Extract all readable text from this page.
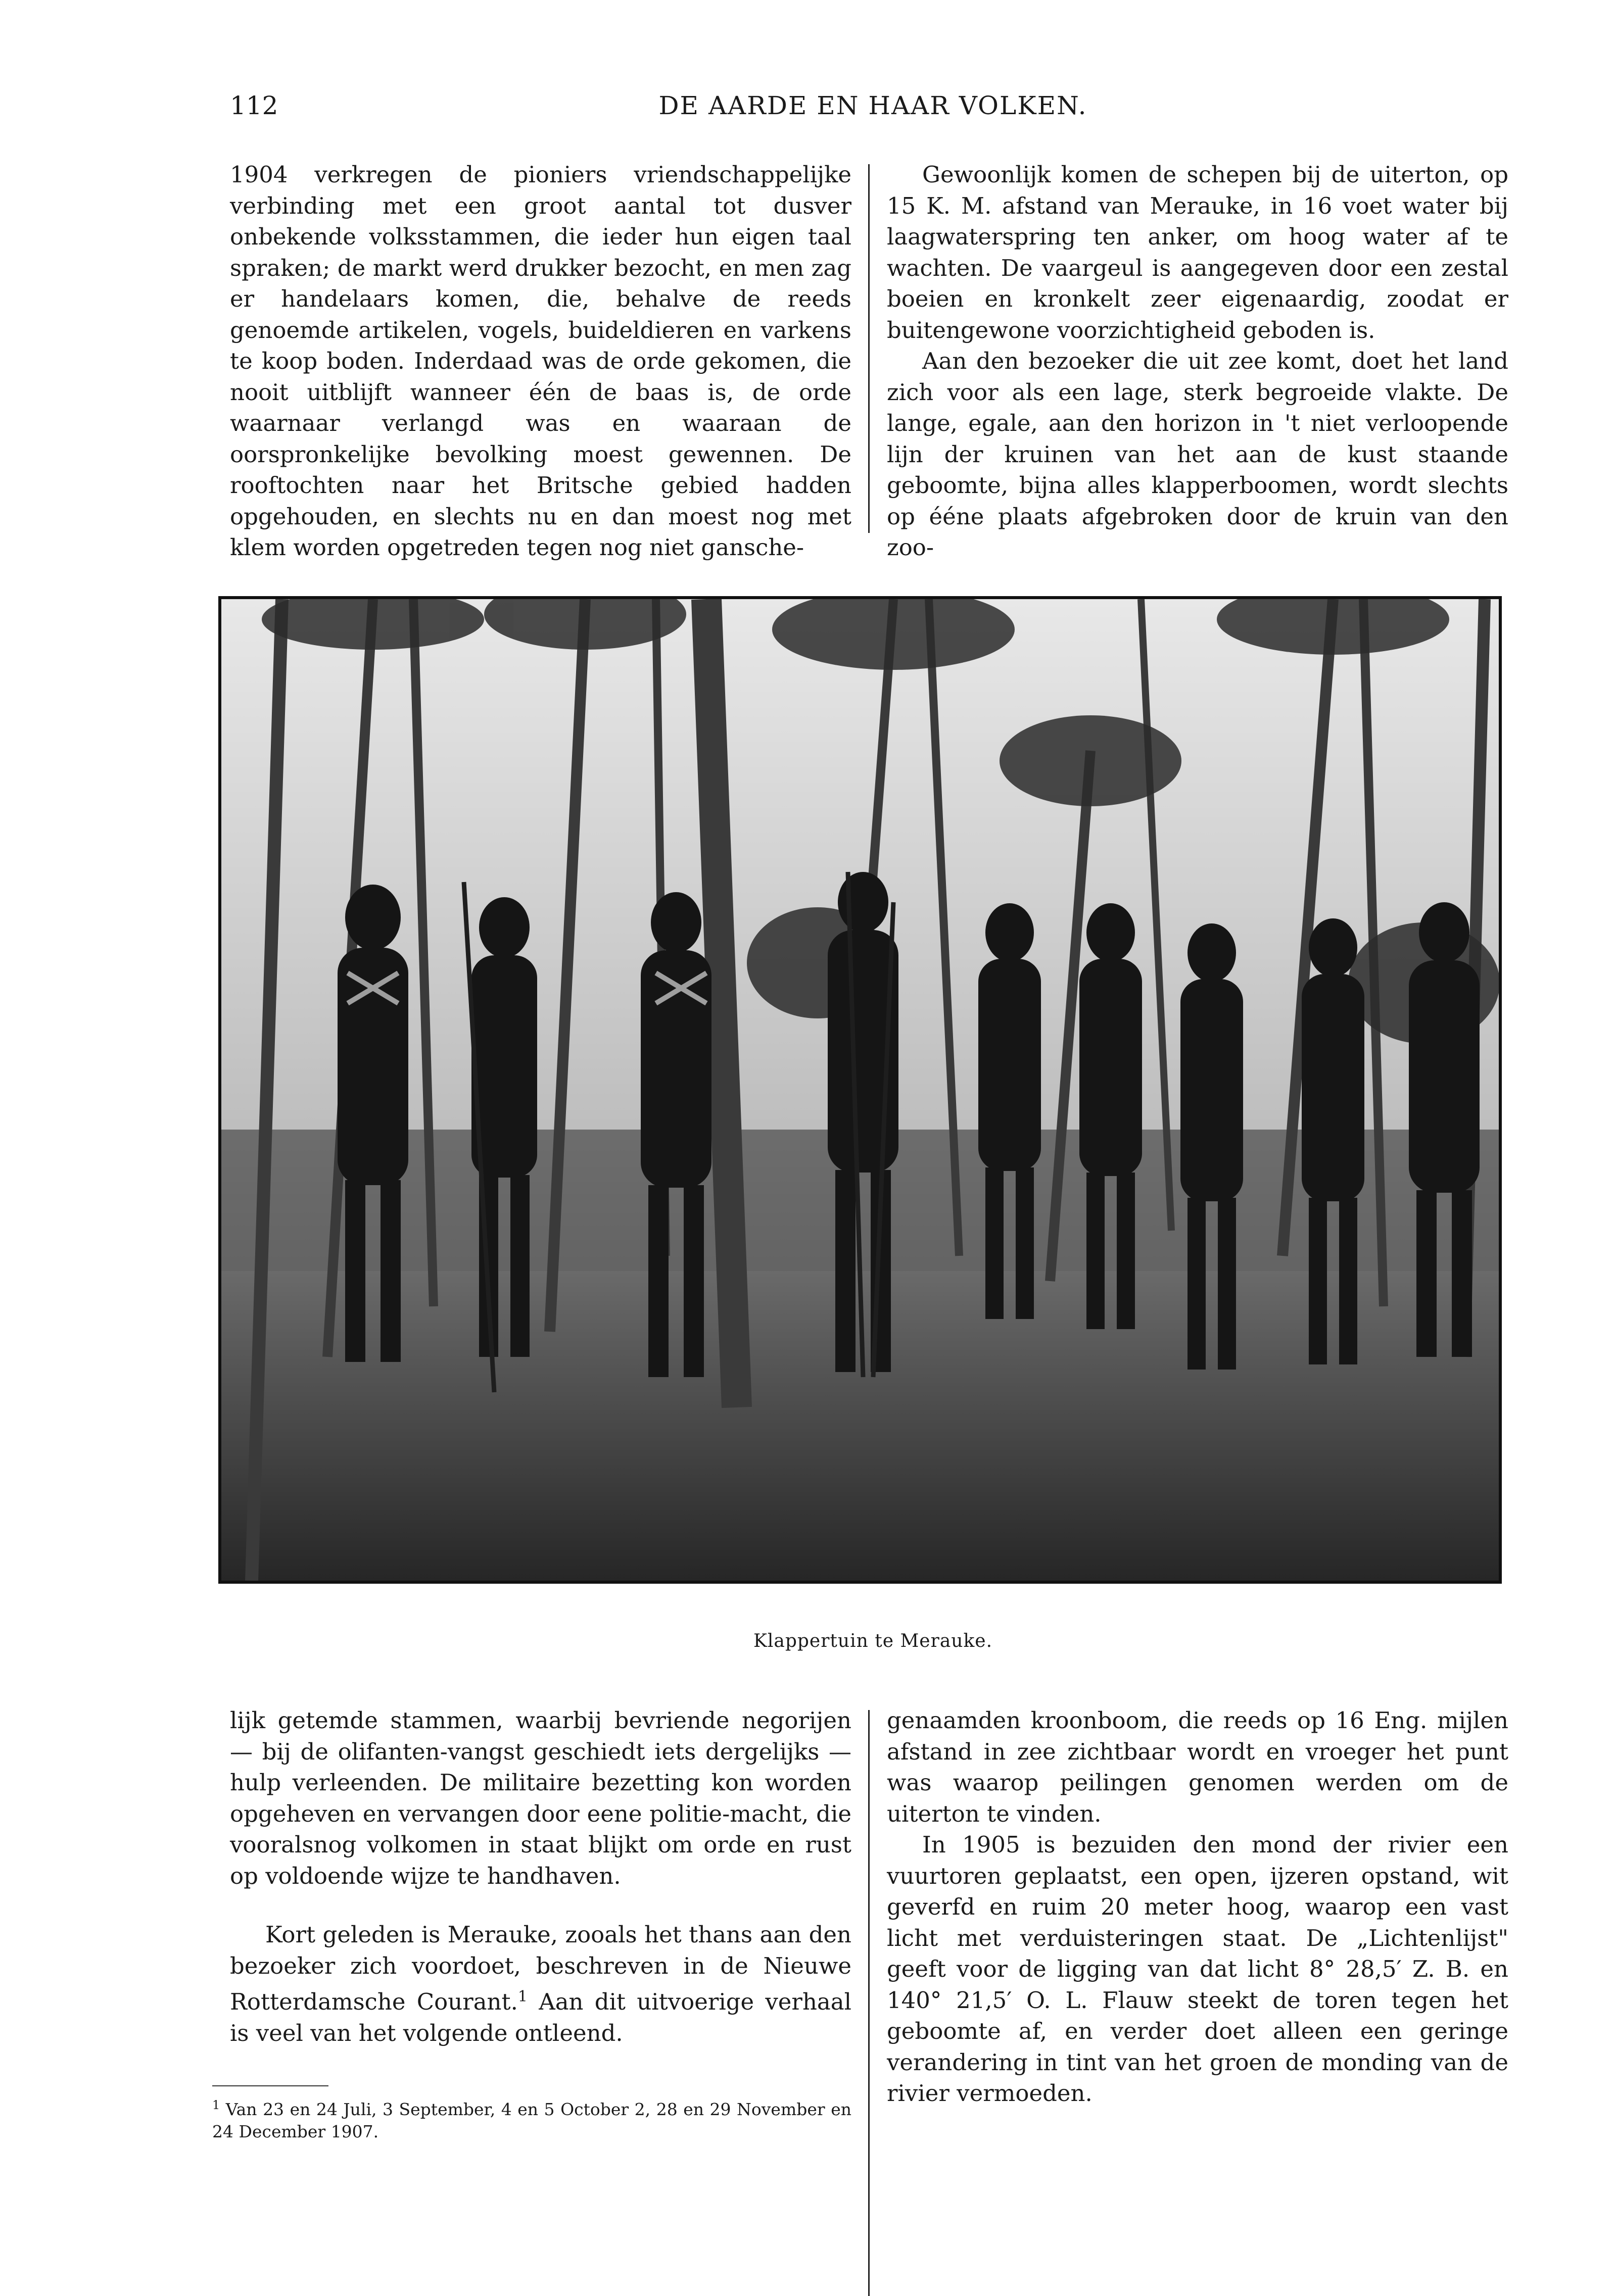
112	DE AARDE EN HAAR VOLKEN.

1904 verkregen de pioniers vriendschappelijke verbinding met een groot aantal tot dusver onbekende volksstammen, die ieder hun eigen taal spraken; de markt werd drukker bezocht, en men zag er handelaars komen, die, behalve de reeds genoemde artikelen, vogels, buideldieren en varkens te koop boden. Inderdaad was de orde gekomen, die nooit uitblijft wanneer één de baas is, de orde waarnaar verlangd was en waaraan de oorspronkelijke bevolking moest gewennen. De rooftochten naar het Britsche gebied hadden opgehouden, en slechts nu en dan moest nog met klem worden opgetreden tegen nog niet gansche-

Gewoonlijk komen de schepen bij de uiterton, op 15 K. M. afstand van Merauke, in 16 voet water bij laagwaterspring ten anker, om hoog water af te wachten. De vaargeul is aangegeven door een zestal boeien en kronkelt zeer eigenaardig, zoodat er buitengewone voorzichtigheid geboden is.

Aan den bezoeker die uit zee komt, doet het land zich voor als een lage, sterk begroeide vlakte. De lange, egale, aan den horizon in 't niet verloopende lijn der kruinen van het aan de kust staande geboomte, bijna alles klapperboomen, wordt slechts op ééne plaats afgebroken door de kruin van den zoo-

Klappertuin te Merauke.

lijk getemde stammen, waarbij bevriende negorijen — bij de olifanten-vangst geschiedt iets dergelijks — hulp verleenden. De militaire bezetting kon worden opgeheven en vervangen door eene politie-macht, die vooralsnog volkomen in staat blijkt om orde en rust op voldoende wijze te handhaven.

Kort geleden is Merauke, zooals het thans aan den bezoeker zich voordoet, beschreven in de Nieuwe Rotterdamsche Courant.$^1$ Aan dit uitvoerige verhaal is veel van het volgende ontleend.

genaamden kroonboom, die reeds op 16 Eng. mijlen afstand in zee zichtbaar wordt en vroeger het punt was waarop peilingen genomen werden om de uiterton te vinden.

In 1905 is bezuiden den mond der rivier een vuurtoren geplaatst, een open, ijzeren opstand, wit geverfd en ruim 20 meter hoog, waarop een vast licht met verduisteringen staat. De „Lichtenlijst" geeft voor de ligging van dat licht 8° 28,5′ Z. B. en 140° 21,5′ O. L. Flauw steekt de toren tegen het geboomte af, en verder doet alleen een geringe verandering in tint van het groen de monding van de rivier vermoeden.

$^1$ Van 23 en 24 Juli, 3 September, 4 en 5 October 2, 28 en 29 November en 24 December 1907.
